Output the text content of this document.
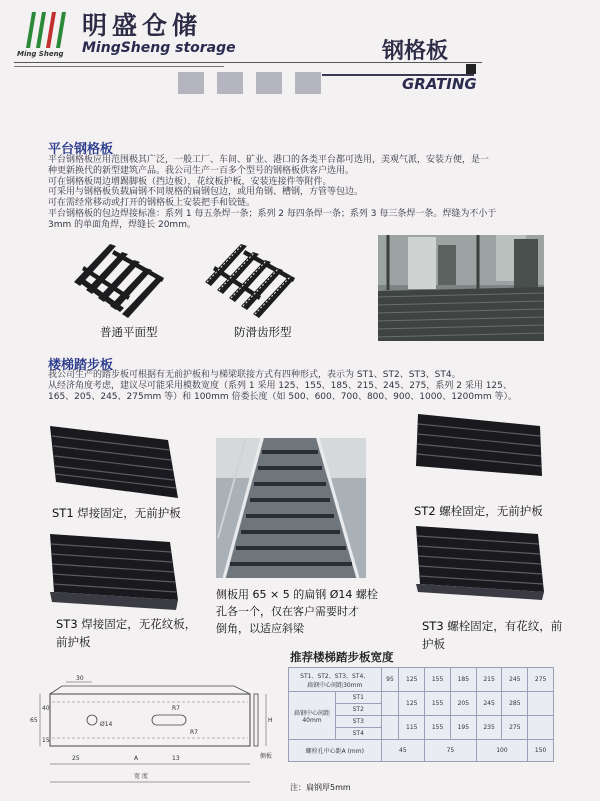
明盛仓储
MingSheng storage
Ming Sheng	钢格板
GRATING
平台钢格板
平台钢格板应用范围极其广泛，一般工厂、车间、矿业、港口的各类平台都可选用，美观气派，安装方便，是一
种更新换代的新型建筑产品。我公司生产一百多个型号的钢格板供客户选用。
可在钢格板周边增踢脚板（挡边板），花纹板护板，安装连接件等附件。
可采用与钢格板负载扁钢不同规格的扁钢包边，或用角钢、槽钢，方管等包边。
可在需经常移动或打开的钢格板上安装把手和铰链。
平台钢格板的包边焊接标准：系列 1 每五条焊一条；系列 2 每四条焊一条；系列 3 每三条焊一条。焊缝为不小于
3mm 的单面角焊，焊缝长 20mm。
普通平面型	防滑齿形型
楼梯踏步板
我公司生产的踏步板可根据有无前护板和与梯梁联接方式有四种形式，表示为 ST1、ST2、ST3、ST4。
从经济角度考虑，建议尽可能采用模数宽度（系列 1 采用 125、155、185、215、245、275，系列 2 采用 125、
165、205、245、275mm 等）和 100mm 倍娄长度（如 500、600、700、800、900、1000、1200mm 等）。
ST1 焊接固定，无前护板
ST3 焊接固定，无花纹板，
前护板
侧板用 65 × 5 的扁钢 Ø14 螺栓
孔各一个，仅在客户需要时才
倒角，以适应斜梁
ST2 螺栓固定，无前护板
ST3 螺栓固定，有花纹，前
护板
30
H
65
40
15
Ø14
R7
R7
25	A	13
宽 度
侧板
推荐楼梯踏步板宽度
ST1、ST2、ST3、ST4、
扁钢中心间距30mm		95	125	155	185	215	245	275
扁钢中心间距40mm	ST1		125	155	205	245	285	
	ST2							
	ST3		115	155	195	235	275	
	ST4							
螺栓孔中心距A (mm)		45		75		100		150
注：扁钢厚5mm
